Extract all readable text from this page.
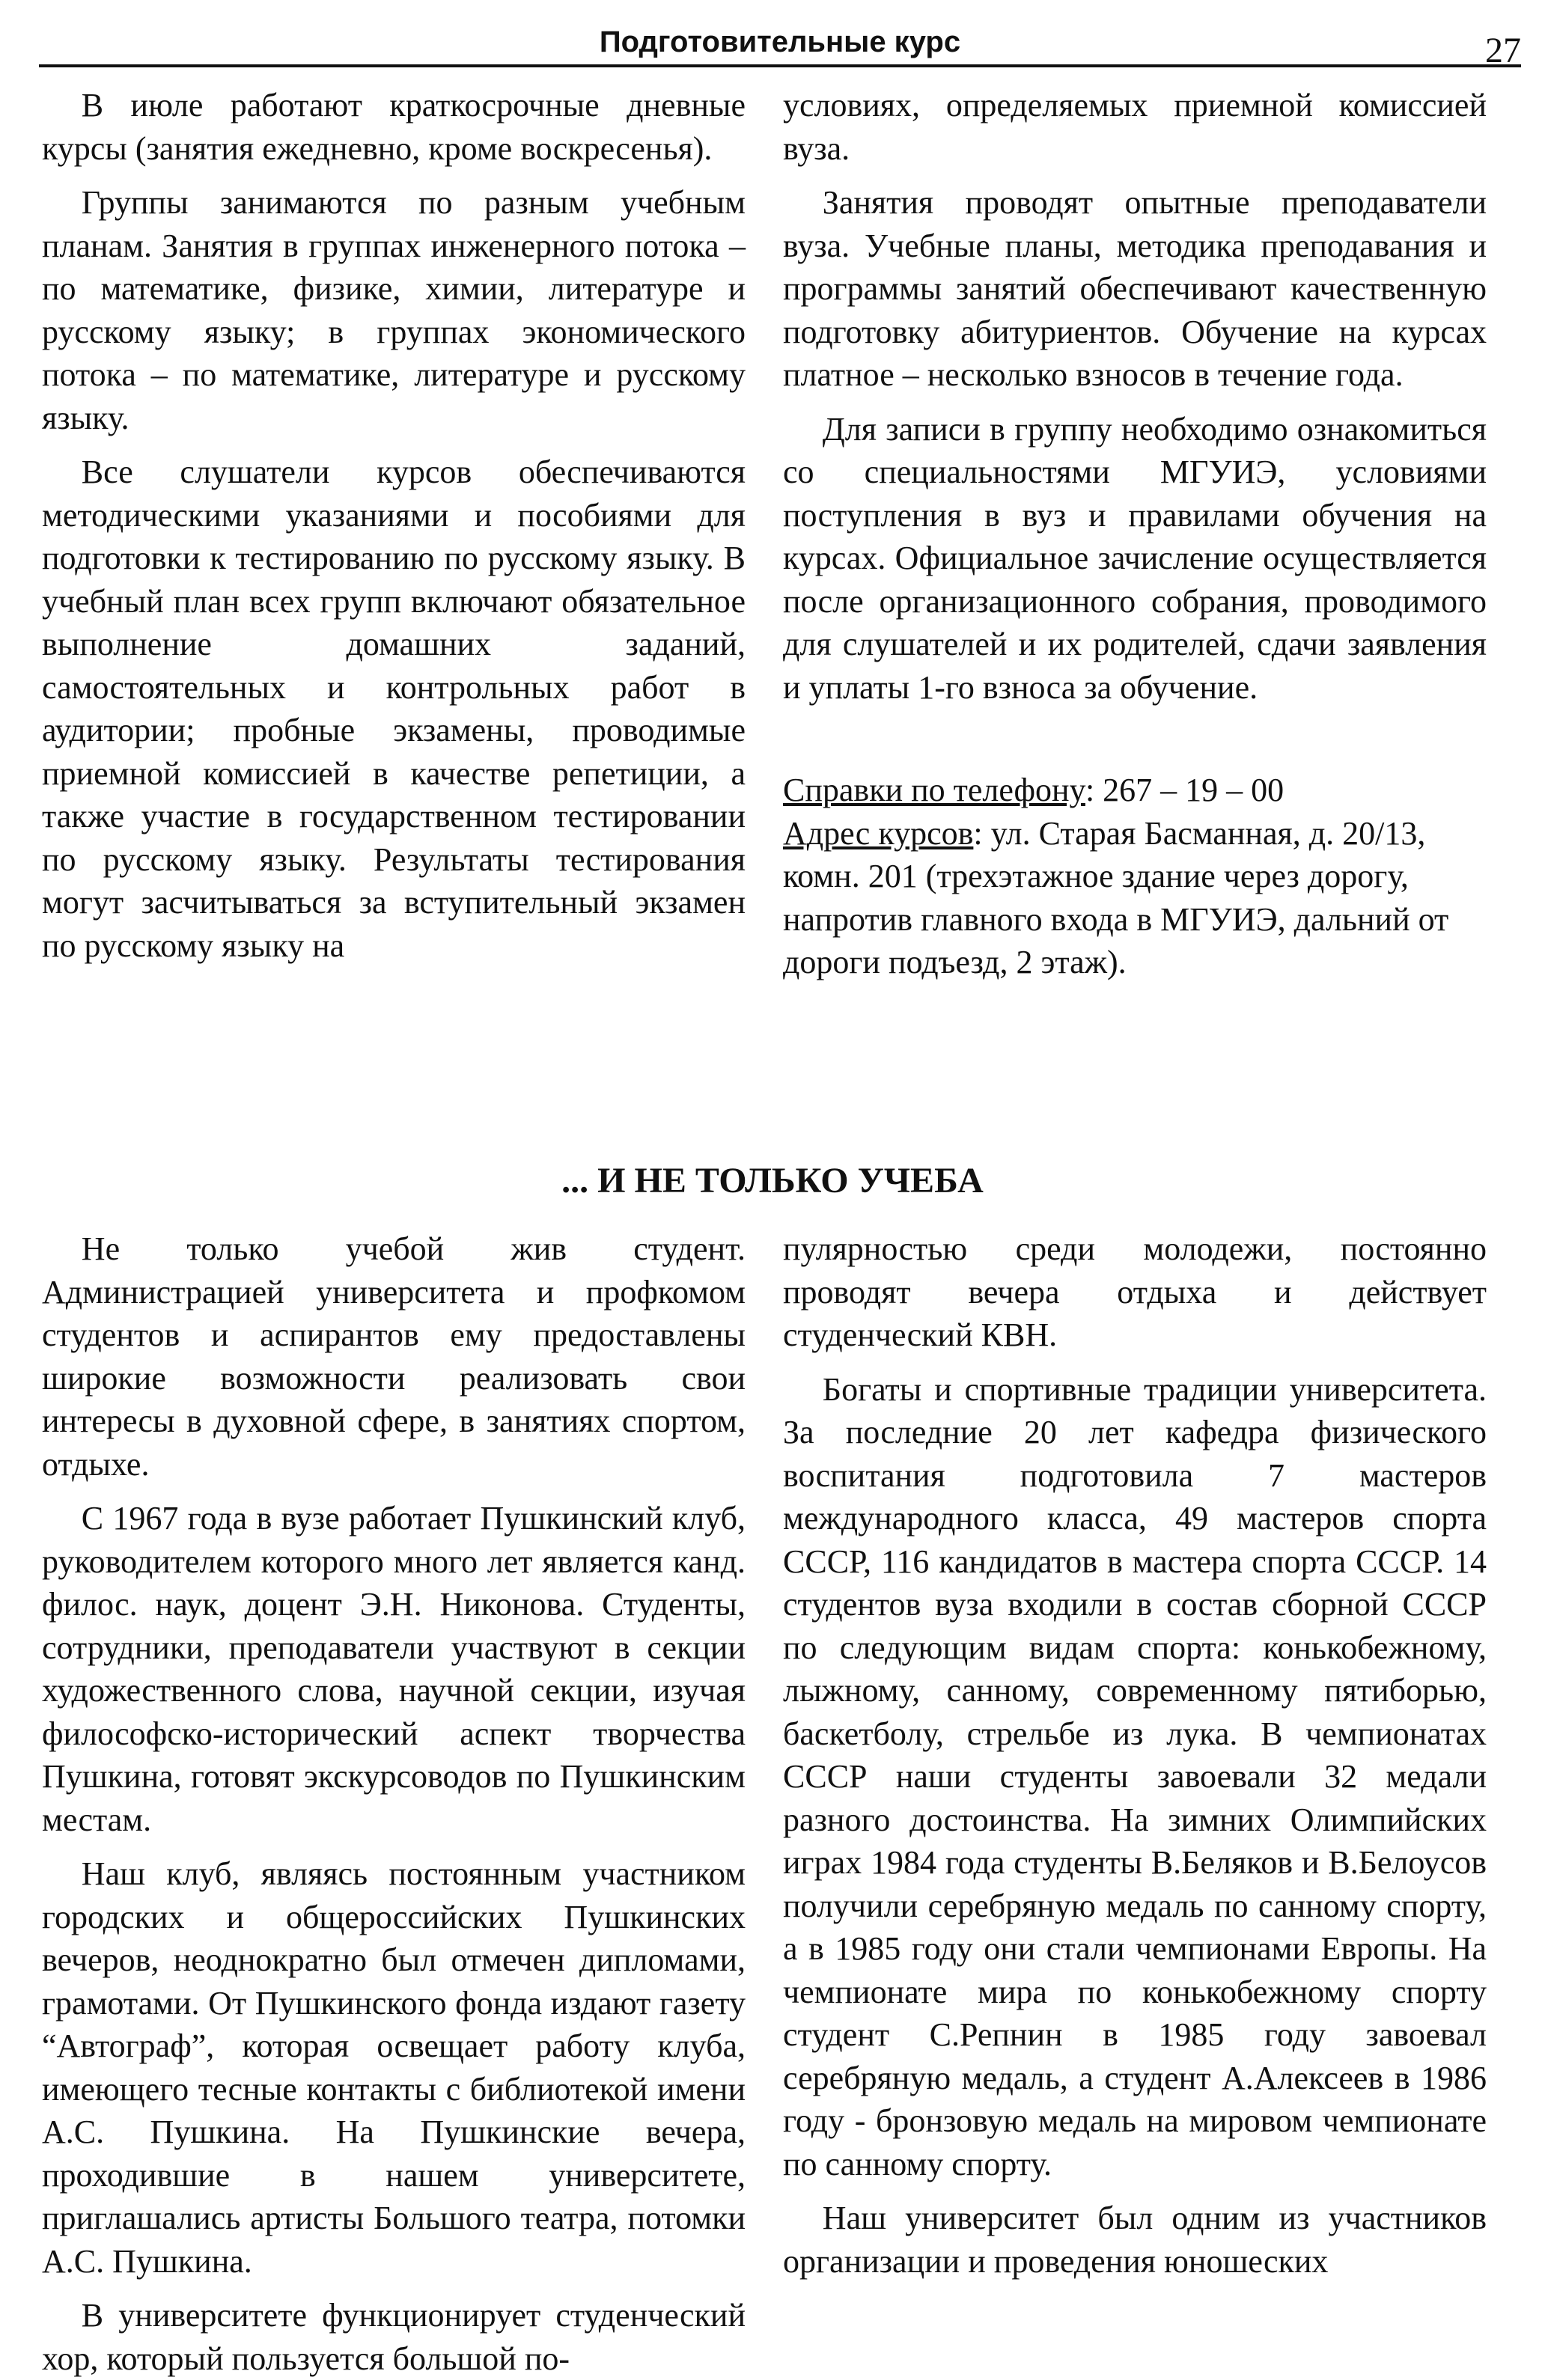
Подготовительные курс	27

В июле работают краткосрочные дневные курсы (занятия ежедневно, кроме воскресенья).

Группы занимаются по разным учебным планам. Занятия в группах инженерного потока – по математике, физике, химии, литературе и русскому языку; в группах экономического потока – по математике, литературе и русскому языку.

Все слушатели курсов обеспечиваются методическими указаниями и пособиями для подготовки к тестированию по русскому языку. В учебный план всех групп включают обязательное выполнение домашних заданий, самостоятельных и контрольных работ в аудитории; пробные экзамены, проводимые приемной комиссией в качестве репетиции, а также участие в государственном тестировании по русскому языку. Результаты тестирования могут засчитываться за вступительный экзамен по русскому языку на

условиях, определяемых приемной комиссией вуза.

Занятия проводят опытные преподаватели вуза. Учебные планы, методика преподавания и программы занятий обеспечивают качественную подготовку абитуриентов. Обучение на курсах платное – несколько взносов в течение года.

Для записи в группу необходимо ознакомиться со специальностями МГУИЭ, условиями поступления в вуз и правилами обучения на курсах. Официальное зачисление осуществляется после организационного собрания, проводимого для слушателей и их родителей, сдачи заявления и уплаты 1-го взноса за обучение.

Справки по телефону: 267 – 19 – 00

Адрес курсов: ул. Старая Басманная, д. 20/13, комн. 201 (трехэтажное здание через дорогу, напротив главного входа в МГУИЭ, дальний от дороги подъезд, 2 этаж).

... И НЕ ТОЛЬКО УЧЕБА

Не только учебой жив студент. Администрацией университета и профкомом студентов и аспирантов ему предоставлены широкие возможности реализовать свои интересы в духовной сфере, в занятиях спортом, отдыхе.

С 1967 года в вузе работает Пушкинский клуб, руководителем которого много лет является канд. филос. наук, доцент Э.Н. Никонова. Студенты, сотрудники, преподаватели участвуют в секции художественного слова, научной секции, изучая философско-исторический аспект творчества Пушкина, готовят экскурсоводов по Пушкинским местам.

Наш клуб, являясь постоянным участником городских и общероссийских Пушкинских вечеров, неоднократно был отмечен дипломами, грамотами. От Пушкинского фонда издают газету “Автограф”, которая освещает работу клуба, имеющего тесные контакты с библиотекой имени А.С. Пушкина. На Пушкинские вечера, проходившие в нашем университете, приглашались артисты Большого театра, потомки А.С. Пушкина.

В университете функционирует студенческий хор, который пользуется большой по-

пулярностью среди молодежи, постоянно проводят вечера отдыха и действует студенческий КВН.

Богаты и спортивные традиции университета. За последние 20 лет кафедра физического воспитания подготовила 7 мастеров международного класса, 49 мастеров спорта СССР, 116 кандидатов в мастера спорта СССР. 14 студентов вуза входили в состав сборной СССР по следующим видам спорта: конькобежному, лыжному, санному, современному пятиборью, баскетболу, стрельбе из лука. В чемпионатах СССР наши студенты завоевали 32 медали разного достоинства. На зимних Олимпийских играх 1984 года студенты В.Беляков и В.Белоусов получили серебряную медаль по санному спорту, а в 1985 году они стали чемпионами Европы. На чемпионате мира по конькобежному спорту студент С.Репнин в 1985 году завоевал серебряную медаль, а студент А.Алексеев в 1986 году - бронзовую медаль на мировом чемпионате по санному спорту.

Наш университет был одним из участников организации и проведения юношеских
